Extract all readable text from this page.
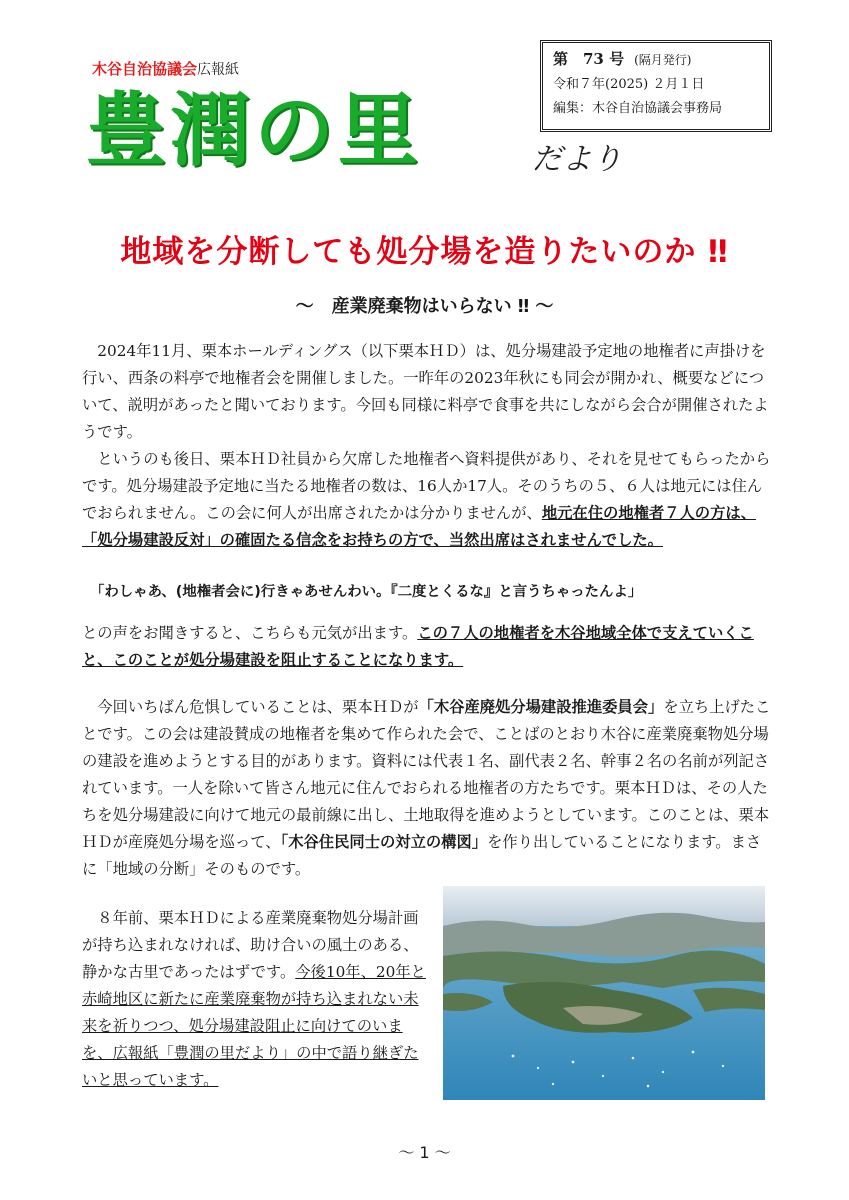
木谷自治協議会広報紙
豊潤の里	だより
第　73 号 (隔月発行)
令和７年(2025) ２月１日
編集：木谷自治協議会事務局
地域を分断しても処分場を造りたいのか ‼
～　産業廃棄物はいらない ‼ ～

2024年11月、栗本ホールディングス（以下栗本ＨＤ）は、処分場建設予定地の地権者に声掛けを行い、西条の料亭で地権者会を開催しました。一昨年の2023年秋にも同会が開かれ、概要などについて、説明があったと聞いております。今回も同様に料亭で食事を共にしながら会合が開催されたようです。

というのも後日、栗本ＨＤ社員から欠席した地権者へ資料提供があり、それを見せてもらったからです。処分場建設予定地に当たる地権者の数は、16人か17人。そのうちの５、６人は地元には住んでおられません。この会に何人が出席されたかは分かりませんが、地元在住の地権者７人の方は、「処分場建設反対」の確固たる信念をお持ちの方で、当然出席はされませんでした。

「わしゃあ、(地権者会に)行きゃあせんわい。『二度とくるな』と言うちゃったんよ」

との声をお聞きすると、こちらも元気が出ます。この７人の地権者を木谷地域全体で支えていくこと、このことが処分場建設を阻止することになります。

今回いちばん危惧していることは、栗本ＨＤが「木谷産廃処分場建設推進委員会」を立ち上げたことです。この会は建設賛成の地権者を集めて作られた会で、ことばのとおり木谷に産業廃棄物処分場の建設を進めようとする目的があります。資料には代表１名、副代表２名、幹事２名の名前が列記されています。一人を除いて皆さん地元に住んでおられる地権者の方たちです。栗本ＨＤは、その人たちを処分場建設に向けて地元の最前線に出し、土地取得を進めようとしています。このことは、栗本ＨＤが産廃処分場を巡って、「木谷住民同士の対立の構図」を作り出していることになります。まさに「地域の分断」そのものです。

８年前、栗本ＨＤによる産業廃棄物処分場計画が持ち込まれなければ、助け合いの風土のある、静かな古里であったはずです。今後10年、20年と赤崎地区に新たに産業廃棄物が持ち込まれない未来を祈りつつ、処分場建設阻止に向けてのいまを、広報紙「豊潤の里だより」の中で語り継ぎたいと思っています。

～ 1 ～
